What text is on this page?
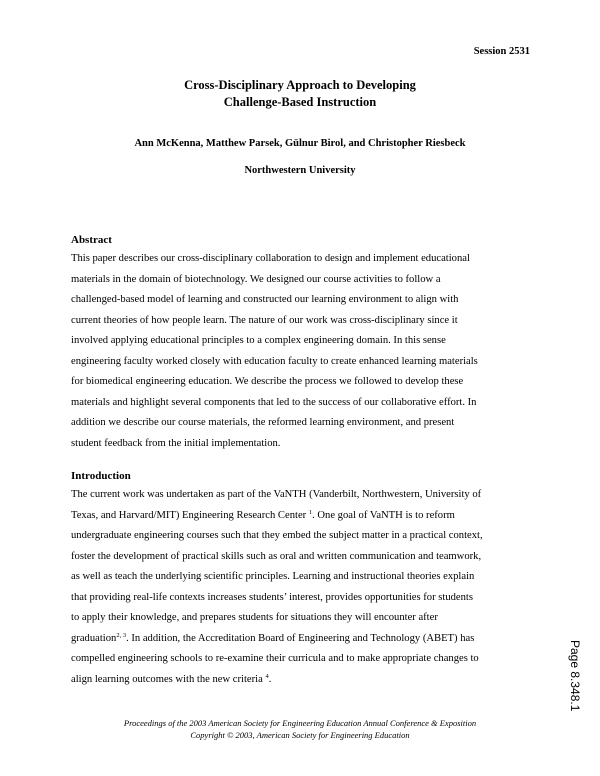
Session 2531
Cross-Disciplinary Approach to Developing
Challenge-Based Instruction
Ann McKenna, Matthew Parsek, Gülnur Birol, and Christopher Riesbeck
Northwestern University
Abstract
This paper describes our cross-disciplinary collaboration to design and implement educational
materials in the domain of biotechnology. We designed our course activities to follow a
challenged-based model of learning and constructed our learning environment to align with
current theories of how people learn. The nature of our work was cross-disciplinary since it
involved applying educational principles to a complex engineering domain. In this sense
engineering faculty worked closely with education faculty to create enhanced learning materials
for biomedical engineering education. We describe the process we followed to develop these
materials and highlight several components that led to the success of our collaborative effort. In
addition we describe our course materials, the reformed learning environment, and present
student feedback from the initial implementation.
Introduction
The current work was undertaken as part of the VaNTH (Vanderbilt, Northwestern, University of
Texas, and Harvard/MIT) Engineering Research Center $^1$. One goal of VaNTH is to reform
undergraduate engineering courses such that they embed the subject matter in a practical context,
foster the development of practical skills such as oral and written communication and teamwork,
as well as teach the underlying scientific principles. Learning and instructional theories explain
that providing real-life contexts increases students’ interest, provides opportunities for students
to apply their knowledge, and prepares students for situations they will encounter after
graduation$^{2, 3}$. In addition, the Accreditation Board of Engineering and Technology (ABET) has
compelled engineering schools to re-examine their curricula and to make appropriate changes to
align learning outcomes with the new criteria $^4$.
Proceedings of the 2003 American Society for Engineering Education Annual Conference & Exposition
Copyright © 2003, American Society for Engineering Education
Page 8.348.1
